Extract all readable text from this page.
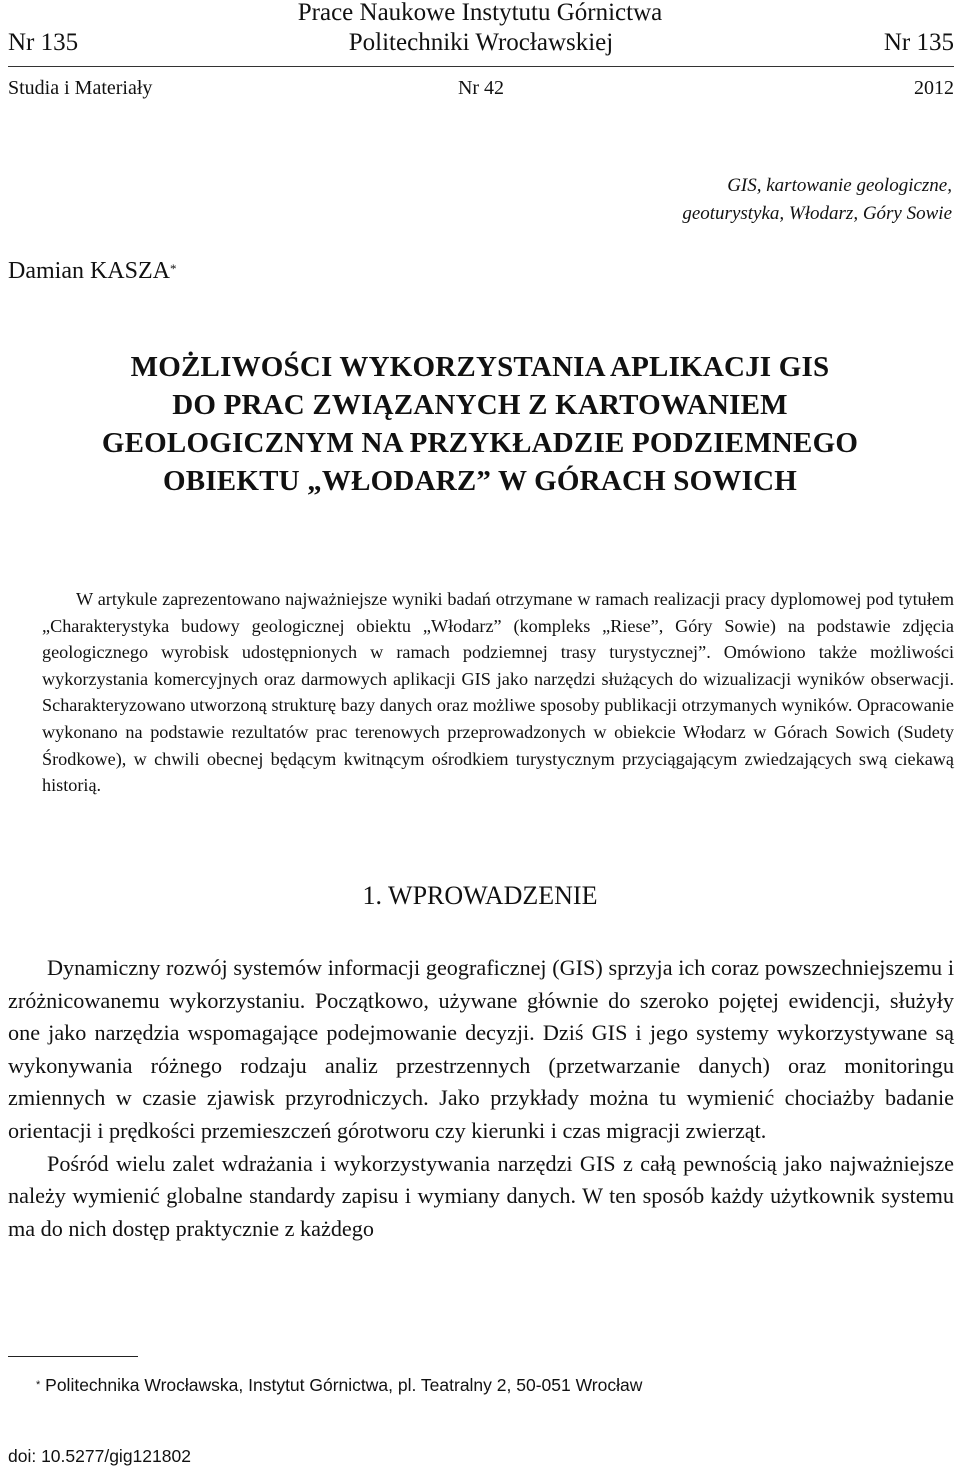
Prace Naukowe Instytutu Górnictwa
Nr 135	Politechniki Wrocławskiej	Nr 135
Studia i Materiały	Nr 42	2012
GIS, kartowanie geologiczne,
geoturystyka, Włodarz, Góry Sowie
Damian KASZA*
MOŻLIWOŚCI WYKORZYSTANIA APLIKACJI GIS
DO PRAC ZWIĄZANYCH Z KARTOWANIEM
GEOLOGICZNYM NA PRZYKŁADZIE PODZIEMNEGO
OBIEKTU „WŁODARZ” W GÓRACH SOWICH

W artykule zaprezentowano najważniejsze wyniki badań otrzymane w ramach realizacji pracy dyplomowej pod tytułem „Charakterystyka budowy geologicznej obiektu „Włodarz” (kompleks „Riese”, Góry Sowie) na podstawie zdjęcia geologicznego wyrobisk udostępnionych w ramach podziemnej trasy turystycznej”. Omówiono także możliwości wykorzystania komercyjnych oraz darmowych aplikacji GIS jako narzędzi służących do wizualizacji wyników obserwacji. Scharakteryzowano utworzoną strukturę bazy danych oraz możliwe sposoby publikacji otrzymanych wyników. Opracowanie wykonano na podstawie rezultatów prac terenowych przeprowadzonych w obiekcie Włodarz w Górach Sowich (Sudety Środkowe), w chwili obecnej będącym kwitnącym ośrodkiem turystycznym przyciągającym zwiedzających swą ciekawą historią.

1. WPROWADZENIE

Dynamiczny rozwój systemów informacji geograficznej (GIS) sprzyja ich coraz powszechniejszemu i zróżnicowanemu wykorzystaniu. Początkowo, używane głównie do szeroko pojętej ewidencji, służyły one jako narzędzia wspomagające podejmowanie decyzji. Dziś GIS i jego systemy wykorzystywane są wykonywania różnego rodzaju analiz przestrzennych (przetwarzanie danych) oraz monitoringu zmiennych w czasie zjawisk przyrodniczych. Jako przykłady można tu wymienić chociażby badanie orientacji i prędkości przemieszczeń górotworu czy kierunki i czas migracji zwierząt.

Pośród wielu zalet wdrażania i wykorzystywania narzędzi GIS z całą pewnością jako najważniejsze należy wymienić globalne standardy zapisu i wymiany danych. W ten sposób każdy użytkownik systemu ma do nich dostęp praktycznie z każdego

* Politechnika Wrocławska, Instytut Górnictwa, pl. Teatralny 2, 50-051 Wrocław
doi: 10.5277/gig121802
